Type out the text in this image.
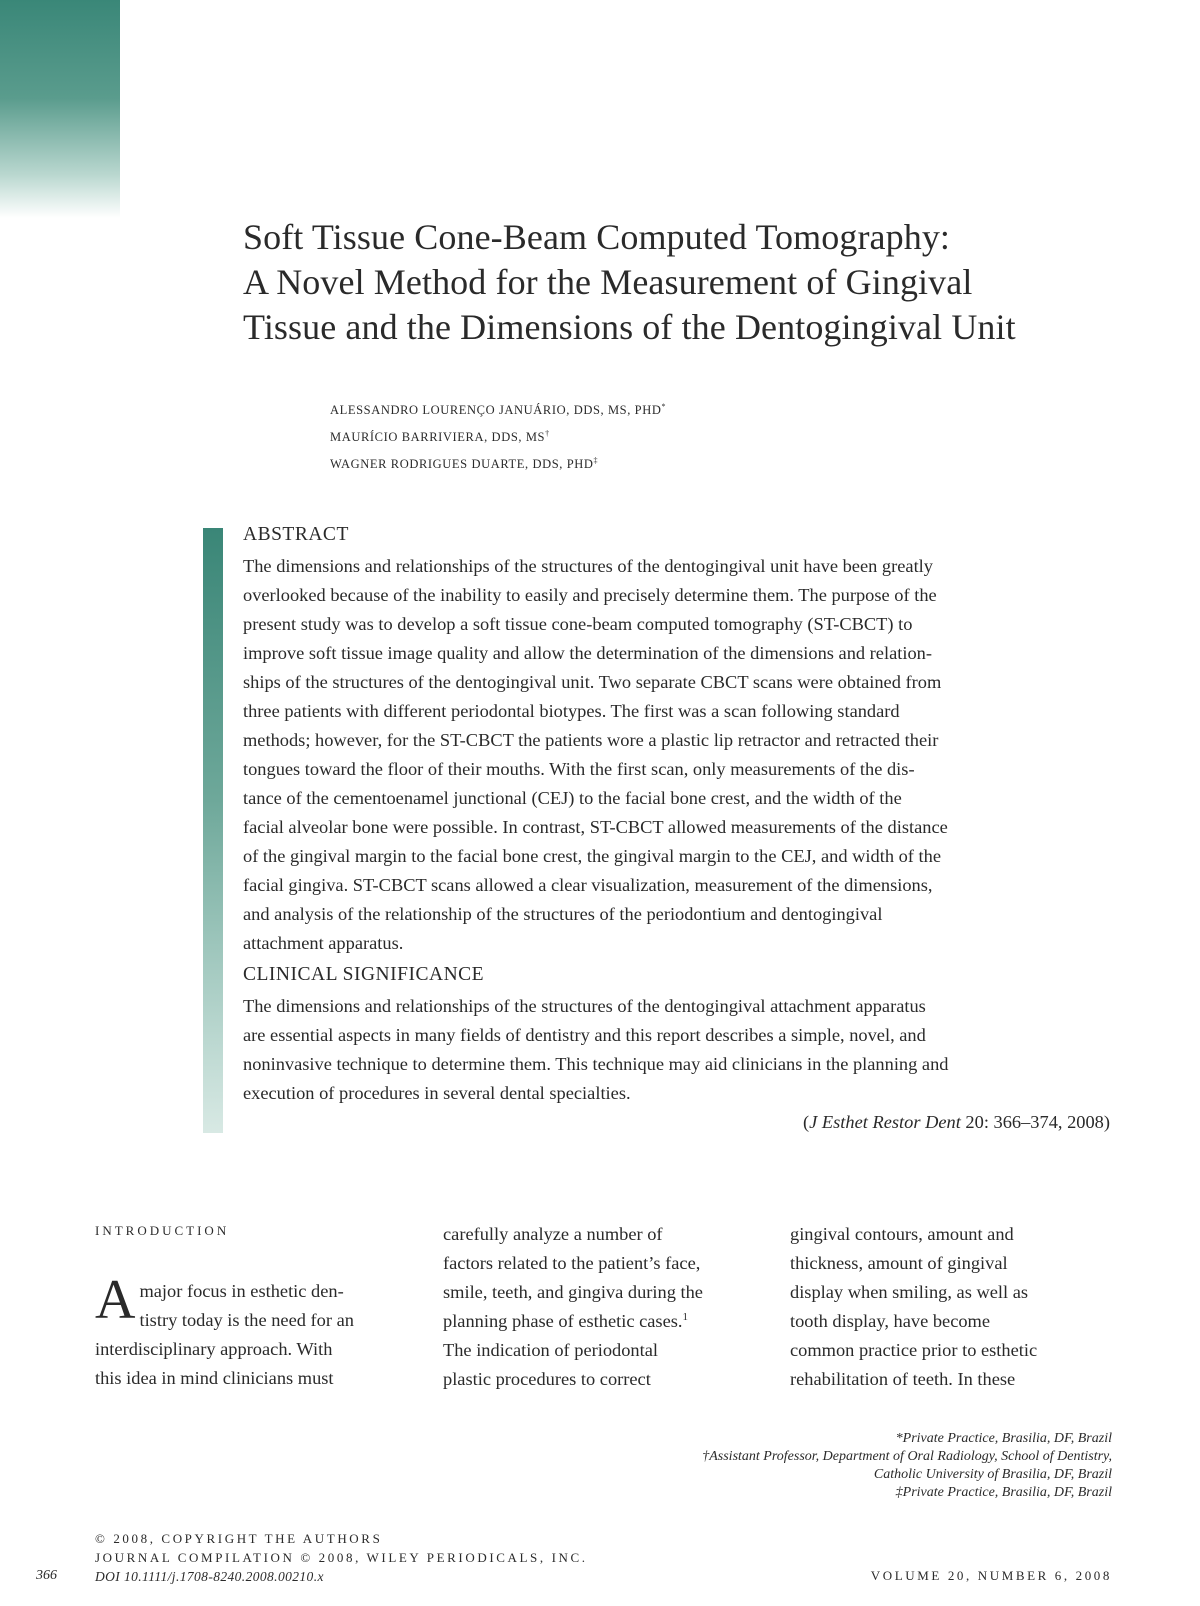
Soft Tissue Cone-Beam Computed Tomography:
A Novel Method for the Measurement of Gingival
Tissue and the Dimensions of the Dentogingival Unit
ALESSANDRO LOURENÇO JANUÁRIO, DDS, MS, PHD*
MAURÍCIO BARRIVIERA, DDS, MS†
WAGNER RODRIGUES DUARTE, DDS, PHD‡
ABSTRACT
The dimensions and relationships of the structures of the dentogingival unit have been greatly
overlooked because of the inability to easily and precisely determine them. The purpose of the
present study was to develop a soft tissue cone-beam computed tomography (ST-CBCT) to
improve soft tissue image quality and allow the determination of the dimensions and relation-
ships of the structures of the dentogingival unit. Two separate CBCT scans were obtained from
three patients with different periodontal biotypes. The first was a scan following standard
methods; however, for the ST-CBCT the patients wore a plastic lip retractor and retracted their
tongues toward the floor of their mouths. With the first scan, only measurements of the dis-
tance of the cementoenamel junctional (CEJ) to the facial bone crest, and the width of the
facial alveolar bone were possible. In contrast, ST-CBCT allowed measurements of the distance
of the gingival margin to the facial bone crest, the gingival margin to the CEJ, and width of the
facial gingiva. ST-CBCT scans allowed a clear visualization, measurement of the dimensions,
and analysis of the relationship of the structures of the periodontium and dentogingival
attachment apparatus.
CLINICAL SIGNIFICANCE
The dimensions and relationships of the structures of the dentogingival attachment apparatus
are essential aspects in many fields of dentistry and this report describes a simple, novel, and
noninvasive technique to determine them. This technique may aid clinicians in the planning and
execution of procedures in several dental specialties.
(J Esthet Restor Dent 20: 366–374, 2008)
INTRODUCTION
A major focus in esthetic den-
tistry today is the need for an
interdisciplinary approach. With
this idea in mind clinicians must
carefully analyze a number of
factors related to the patient’s face,
smile, teeth, and gingiva during the
planning phase of esthetic cases.$^1$
The indication of periodontal
plastic procedures to correct
gingival contours, amount and
thickness, amount of gingival
display when smiling, as well as
tooth display, have become
common practice prior to esthetic
rehabilitation of teeth. In these
*Private Practice, Brasilia, DF, Brazil
†Assistant Professor, Department of Oral Radiology, School of Dentistry,
Catholic University of Brasilia, DF, Brazil
‡Private Practice, Brasilia, DF, Brazil
© 2008, COPYRIGHT THE AUTHORS
JOURNAL COMPILATION © 2008, WILEY PERIODICALS, INC.
DOI 10.1111/j.1708-8240.2008.00210.x
366	VOLUME 20, NUMBER 6, 2008
